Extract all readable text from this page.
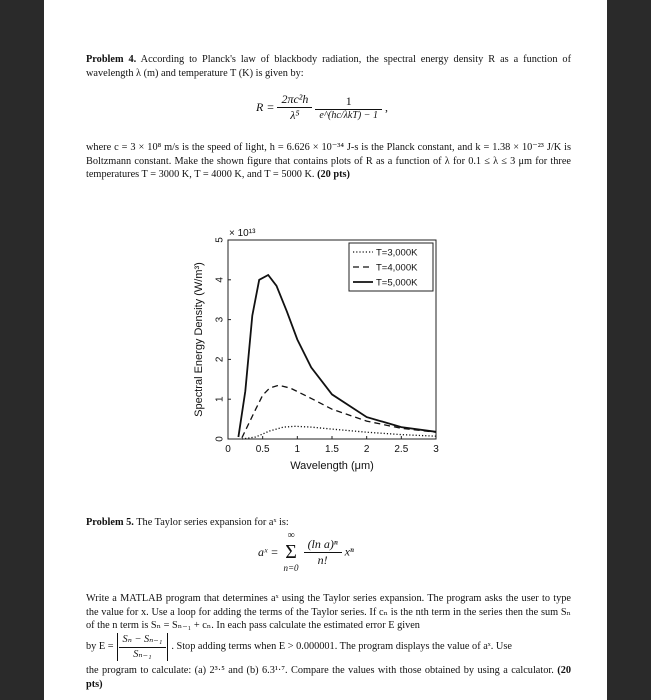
Problem 4. According to Planck's law of blackbody radiation, the spectral energy density R as a function of wavelength λ (m) and temperature T (K) is given by:
$R = \frac{\text{2πc²h}}{\text{λ⁵}}$
$\frac{1}{\text{e\textasciicircum{}(hc/λkT) − 1}}$ ,
where c = 3 × 10⁸ m/s is the speed of light, h = 6.626 × 10⁻³⁴ J-s is the Planck constant, and k = 1.38 × 10⁻²³ J/K is Boltzmann constant. Make the shown figure that contains plots of R as a function of λ for 0.1 ≤ λ ≤ 3 μm for three temperatures T = 3000 K, T = 4000 K, and T = 5000 K. (20 pts)
0 0.5 1 1.5 2 2.5 3
0
1
2
3
4
5
× 10¹³
Wavelength (μm)
Spectral Energy Density (W/m³)
T=3,000K
T=4,000K
T=5,000K
Problem 5. The Taylor series expansion for aˣ is:
aˣ =
∞
Σ
n=0

$\frac{\text{(ln a)ⁿ}}{n!}$ xⁿ
Write a MATLAB program that determines aˣ using the Taylor series expansion. The program asks the user to type the value for x. Use a loop for adding the terms of the Taylor series. If cₙ is the nth term in the series then the sum Sₙ of the n term is Sₙ = Sₙ₋₁ + cₙ. In each pass calculate the estimated error E given
by $E = \frac{\text{Sₙ − Sₙ₋₁}}{\text{Sₙ₋₁}}$ . Stop adding terms when E > 0.000001. The program displays the value of aˣ. Use
the program to calculate: (a) 2³·⁵ and (b) 6.3¹·⁷. Compare the values with those obtained by using a calculator. (20 pts)
